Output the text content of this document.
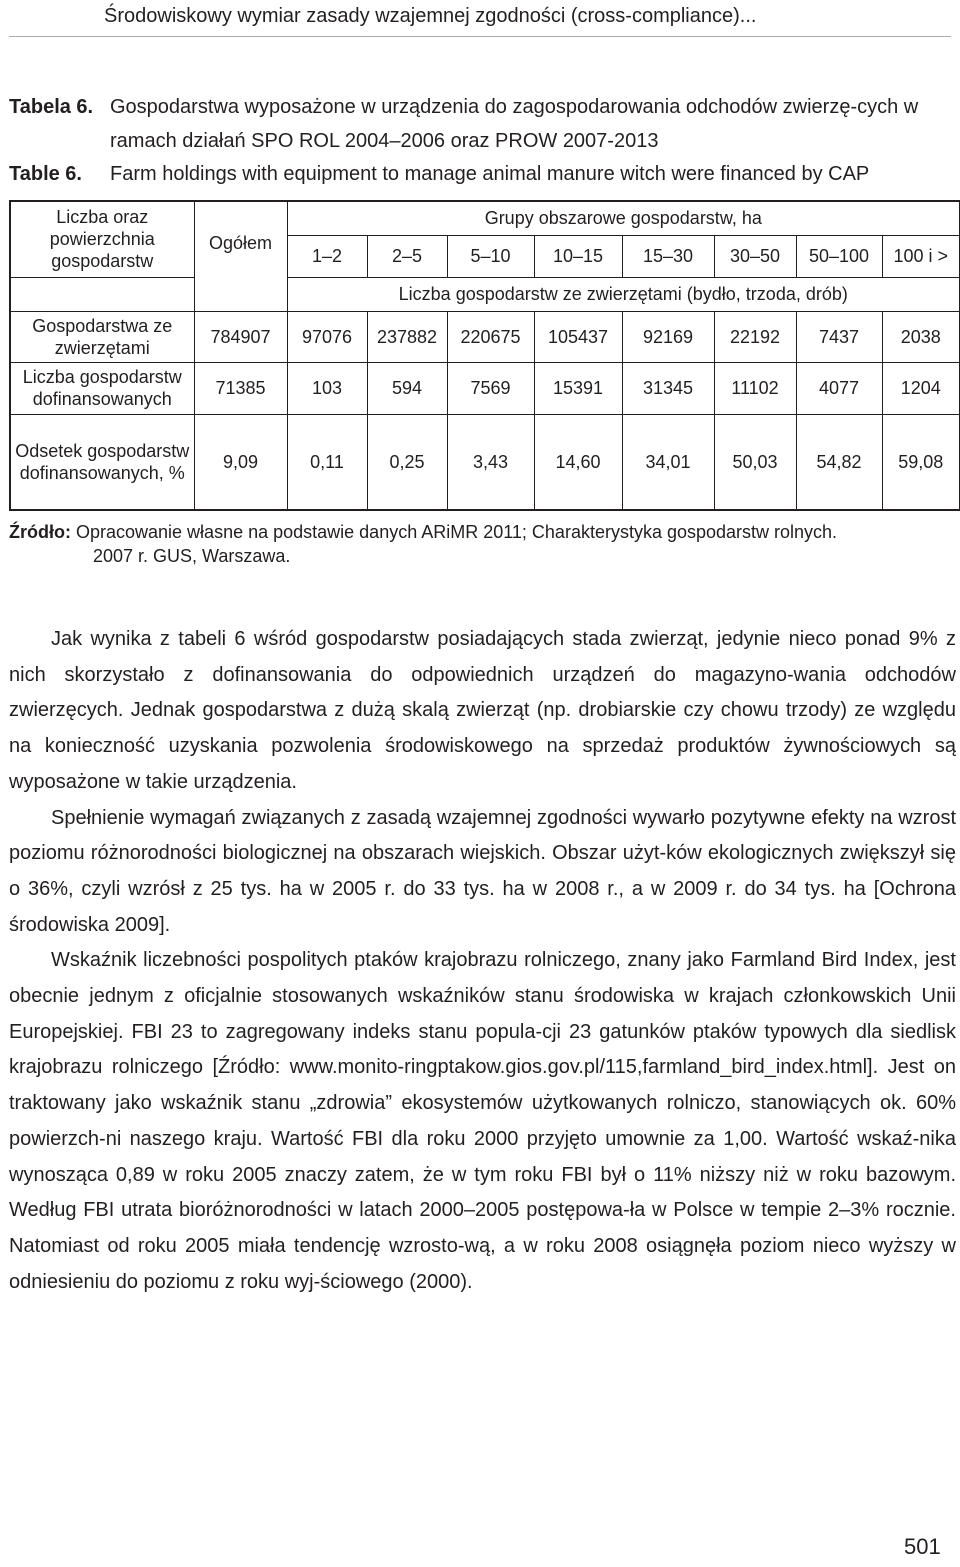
Środowiskowy wymiar zasady wzajemnej zgodności (cross-compliance)...
Tabela 6. Gospodarstwa wyposażone w urządzenia do zagospodarowania odchodów zwierzę-cych w ramach działań SPO ROL 2004–2006 oraz PROW 2007-2013
Table 6. Farm holdings with equipment to manage animal manure witch were financed by CAP
Liczba oraz powierzchnia gospodarstw	Ogółem	Grupy obszarowe gospodarstw, ha							
		1–2	2–5	5–10	10–15	15–30	30–50	50–100	100 i >
		Liczba gospodarstw ze zwierzętami (bydło, trzoda, drób)							
Gospodarstwa ze zwierzętami	784907	97076	237882	220675	105437	92169	22192	7437	2038
Liczba gospodarstw dofinansowanych	71385	103	594	7569	15391	31345	11102	4077	1204
Odsetek gospodarstw dofinansowanych, %	9,09	0,11	0,25	3,43	14,60	34,01	50,03	54,82	59,08
Źródło: Opracowanie własne na podstawie danych ARiMR 2011; Charakterystyka gospodarstw rolnych.
2007 r. GUS, Warszawa.

Jak wynika z tabeli 6 wśród gospodarstw posiadających stada zwierząt, jedynie nieco ponad 9% z nich skorzystało z dofinansowania do odpowiednich urządzeń do magazyno-wania odchodów zwierzęcych. Jednak gospodarstwa z dużą skalą zwierząt (np. drobiarskie czy chowu trzody) ze względu na konieczność uzyskania pozwolenia środowiskowego na sprzedaż produktów żywnościowych są wyposażone w takie urządzenia.

Spełnienie wymagań związanych z zasadą wzajemnej zgodności wywarło pozytywne efekty na wzrost poziomu różnorodności biologicznej na obszarach wiejskich. Obszar użyt-ków ekologicznych zwiększył się o 36%, czyli wzrósł z 25 tys. ha w 2005 r. do 33 tys. ha w 2008 r., a w 2009 r. do 34 tys. ha [Ochrona środowiska 2009].

Wskaźnik liczebności pospolitych ptaków krajobrazu rolniczego, znany jako Farmland Bird Index, jest obecnie jednym z oficjalnie stosowanych wskaźników stanu środowiska w krajach członkowskich Unii Europejskiej. FBI 23 to zagregowany indeks stanu popula-cji 23 gatunków ptaków typowych dla siedlisk krajobrazu rolniczego [Źródło: www.monito-ringptakow.gios.gov.pl/115,farmland_bird_index.html]. Jest on traktowany jako wskaźnik stanu „zdrowia” ekosystemów użytkowanych rolniczo, stanowiących ok. 60% powierzch-ni naszego kraju. Wartość FBI dla roku 2000 przyjęto umownie za 1,00. Wartość wskaź-nika wynosząca 0,89 w roku 2005 znaczy zatem, że w tym roku FBI był o 11% niższy niż w roku bazowym. Według FBI utrata bioróżnorodności w latach 2000–2005 postępowa-ła w Polsce w tempie 2–3% rocznie. Natomiast od roku 2005 miała tendencję wzrosto-wą, a w roku 2008 osiągnęła poziom nieco wyższy w odniesieniu do poziomu z roku wyj-ściowego (2000).

501
